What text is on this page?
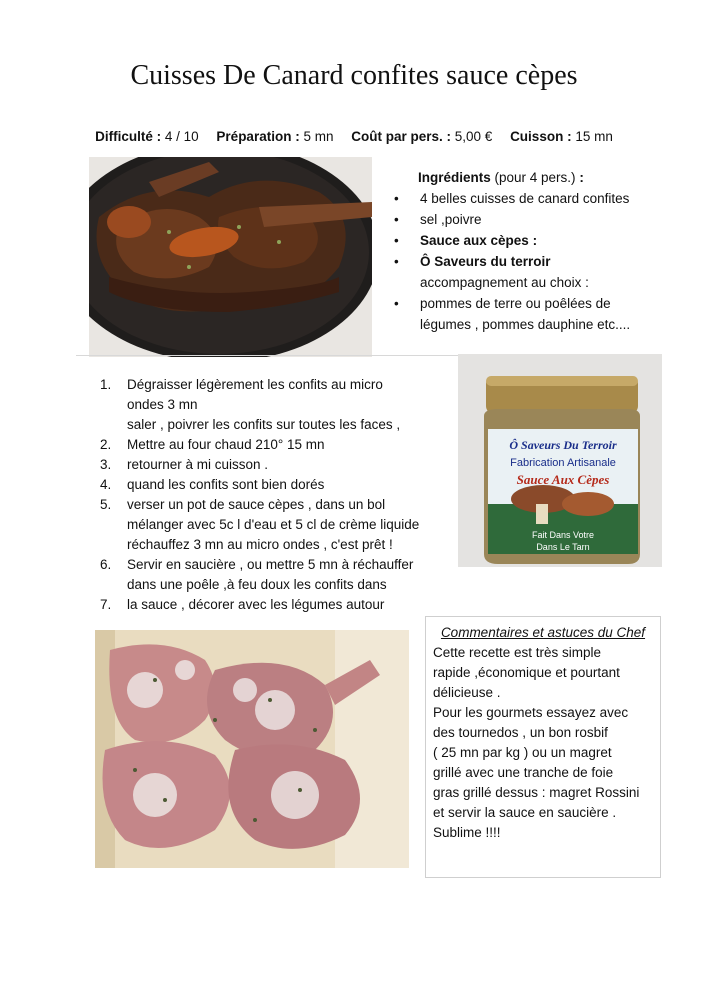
Cuisses De Canard confites sauce cèpes
Difficulté : 4 / 10 Préparation : 5 mn Coût par pers. : 5,00 € Cuisson : 15 mn
Ingrédients (pour 4 pers.) :
• 4 belles cuisses de canard confites
• sel ,poivre
• Sauce aux cèpes :
• Ô Saveurs du terroir
accompagnement au choix :
• pommes de terre ou poêlées de
légumes , pommes dauphine etc....
Ô Saveurs Du Terroir
Fabrication Artisanale
Sauce Aux Cèpes
Fait Dans Votre
Dans Le Tarn
1. Dégraisser légèrement les confits au micro
ondes 3 mn
saler , poivrer les confits sur toutes les faces ,
2. Mettre au four chaud 210° 15 mn
3. retourner à mi cuisson .
4. quand les confits sont bien dorés
5. verser un pot de sauce cèpes , dans un bol
mélanger avec 5c l d'eau et 5 cl de crème liquide
réchauffez 3 mn au micro ondes , c'est prêt !
6. Servir en saucière , ou mettre 5 mn à réchauffer
dans une poêle ,à feu doux les confits dans
7. la sauce , décorer avec les légumes autour
Commentaires et astuces du Chef
Cette recette est très simple
rapide ,économique et pourtant
délicieuse .
Pour les gourmets essayez avec
des tournedos , un bon rosbif
( 25 mn par kg ) ou un magret
grillé avec une tranche de foie
gras grillé dessus : magret Rossini
et servir la sauce en saucière .
Sublime !!!!
